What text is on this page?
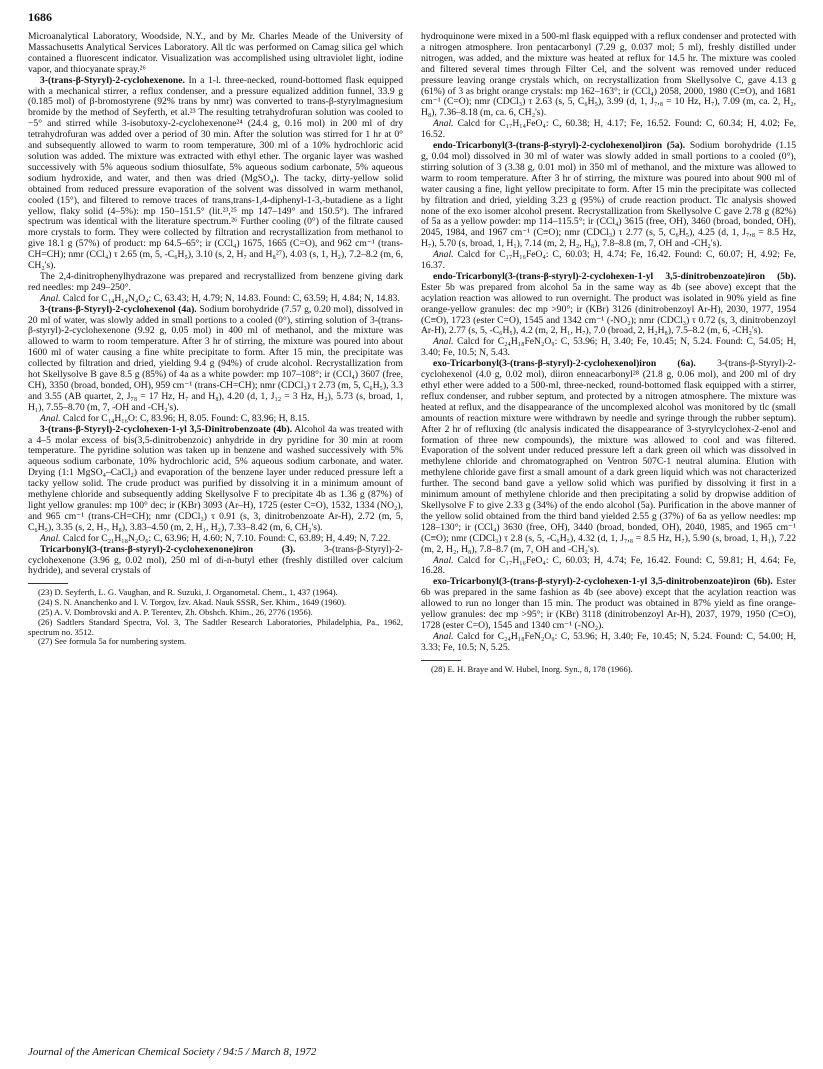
1686

Microanalytical Laboratory, Woodside, N.Y., and by Mr. Charles Meade of the University of Massachusetts Analytical Services Laboratory. All tlc was performed on Camag silica gel which contained a fluorescent indicator. Visualization was accomplished using ultraviolet light, iodine vapor, and thiocyanate spray.²⁶

3-(trans-β-Styryl)-2-cyclohexenone. In a 1-l. three-necked, round-bottomed flask equipped with a mechanical stirrer, a reflux condenser, and a pressure equalized addition funnel, 33.9 g (0.185 mol) of β-bromostyrene (92% trans by nmr) was converted to trans-β-styrylmagnesium bromide by the method of Seyferth, et al.²³ The resulting tetrahydrofuran solution was cooled to −5° and stirred while 3-isobutoxy-2-cyclohexenone²⁴ (24.4 g, 0.16 mol) in 200 ml of dry tetrahydrofuran was added over a period of 30 min. After the solution was stirred for 1 hr at 0° and subsequently allowed to warm to room temperature, 300 ml of a 10% hydrochloric acid solution was added. The mixture was extracted with ethyl ether. The organic layer was washed successively with 5% aqueous sodium thiosulfate, 5% aqueous sodium carbonate, 5% aqueous sodium hydroxide, and water, and then was dried (MgSO₄). The tacky, dirty-yellow solid obtained from reduced pressure evaporation of the solvent was dissolved in warm methanol, cooled (15°), and filtered to remove traces of trans,trans-1,4-diphenyl-1-3,-butadiene as a light yellow, flaky solid (4–5%): mp 150–151.5° (lit.²³,²⁵ mp 147–149° and 150.5°). The infrared spectrum was identical with the literature spectrum.²⁶ Further cooling (0°) of the filtrate caused more crystals to form. They were collected by filtration and recrystallization from methanol to give 18.1 g (57%) of product: mp 64.5–65°; ir (CCl₄) 1675, 1665 (C=O), and 962 cm⁻¹ (trans-CH=CH); nmr (CCl₄) τ 2.65 (m, 5, -C₆H₅), 3.10 (s, 2, H₇ and H₈²⁷), 4.03 (s, 1, H₂), 7.2–8.2 (m, 6, CH₂'s).

The 2,4-dinitrophenylhydrazone was prepared and recrystallized from benzene giving dark red needles: mp 249–250°.

Anal. Calcd for C₁₄H₁₄N₄O₄: C, 63.43; H, 4.79; N, 14.83. Found: C, 63.59; H, 4.84; N, 14.83.

3-(trans-β-Styryl)-2-cyclohexenol (4a). Sodium borohydride (7.57 g, 0.20 mol), dissolved in 20 ml of water, was slowly added in small portions to a cooled (0°), stirring solution of 3-(trans-β-styryl)-2-cyclohexenone (9.92 g, 0.05 mol) in 400 ml of methanol, and the mixture was allowed to warm to room temperature. After 3 hr of stirring, the mixture was poured into about 1600 ml of water causing a fine white precipitate to form. After 15 min, the precipitate was collected by filtration and dried, yielding 9.4 g (94%) of crude alcohol. Recrystallization from hot Skellysolve B gave 8.5 g (85%) of 4a as a white powder: mp 107–108°; ir (CCl₄) 3607 (free, CH), 3350 (broad, bonded, OH), 959 cm⁻¹ (trans-CH=CH); nmr (CDCl₃) τ 2.73 (m, 5, C₆H₅), 3.3 and 3.55 (AB quartet, 2, J₇₈ = 17 Hz, H₇ and H₈), 4.20 (d, 1, J₁₂ = 3 Hz, H₂), 5.73 (s, broad, 1, H₁), 7.55–8.70 (m, 7, -OH and -CH₂'s).

Anal. Calcd for C₁₄H₁₆O: C, 83.96; H, 8.05. Found: C, 83.96; H, 8.15.

3-(trans-β-Styryl)-2-cyclohexen-1-yl 3,5-Dinitrobenzoate (4b). Alcohol 4a was treated with a 4–5 molar excess of bis(3,5-dinitrobenzoic) anhydride in dry pyridine for 30 min at room temperature. The pyridine solution was taken up in benzene and washed successively with 5% aqueous sodium carbonate, 10% hydrochloric acid, 5% aqueous sodium carbonate, and water. Drying (1:1 MgSO₄–CaCl₂) and evaporation of the benzene layer under reduced pressure left a tacky yellow solid. The crude product was purified by dissolving it in a minimum amount of methylene chloride and subsequently adding Skellysolve F to precipitate 4b as 1.36 g (87%) of light yellow granules: mp 100° dec; ir (KBr) 3093 (Ar–H), 1725 (ester C=O), 1532, 1334 (NO₂), and 965 cm⁻¹ (trans-CH=CH); nmr (CDCl₃) τ 0.91 (s, 3, dinitrobenzoate Ar-H), 2.72 (m, 5, C₆H₅), 3.35 (s, 2, H₇, H₈), 3.83–4.50 (m, 2, H₁, H₂), 7.33–8.42 (m, 6, CH₂'s).

Anal. Calcd for C₂₁H₁₈N₂O₆: C, 63.96; H, 4.60; N, 7.10. Found: C, 63.89; H, 4.49; N, 7.22.

Tricarbonyl(3-(trans-β-styryl)-2-cyclohexenone)iron (3). 3-(trans-β-Styryl)-2-cyclohexenone (3.96 g, 0.02 mol), 250 ml of di-n-butyl ether (freshly distilled over calcium hydride), and several crystals of

(23) D. Seyferth, L. G. Vaughan, and R. Suzuki, J. Organometal. Chem., 1, 437 (1964).

(24) S. N. Ananchenko and I. V. Torgov, Izv. Akad. Nauk SSSR, Ser. Khim., 1649 (1960).

(25) A. V. Dombrovski and A. P. Terentev, Zh. Obshch. Khim., 26, 2776 (1956).

(26) Sadtlers Standard Spectra, Vol. 3, The Sadtler Research Laboratories, Philadelphia, Pa., 1962, spectrum no. 3512.

(27) See formula 5a for numbering system.

hydroquinone were mixed in a 500-ml flask equipped with a reflux condenser and protected with a nitrogen atmosphere. Iron pentacarbonyl (7.29 g, 0.037 mol; 5 ml), freshly distilled under nitrogen, was added, and the mixture was heated at reflux for 14.5 hr. The mixture was cooled and filtered several times through Filter Cel, and the solvent was removed under reduced pressure leaving orange crystals which, on recrystallization from Skellysolve C, gave 4.13 g (61%) of 3 as bright orange crystals: mp 162–163°; ir (CCl₄) 2058, 2000, 1980 (C≡O), and 1681 cm⁻¹ (C=O); nmr (CDCl₃) τ 2.63 (s, 5, C₆H₅), 3.99 (d, 1, J₇,₈ = 10 Hz, H₇), 7.09 (m, ca. 2, H₂, H₈), 7.36–8.18 (m, ca. 6, CH₂'s).

Anal. Calcd for C₁₇H₁₄FeO₄: C, 60.38; H, 4.17; Fe, 16.52. Found: C, 60.34; H, 4.02; Fe, 16.52.

endo-Tricarbonyl(3-(trans-β-styryl)-2-cyclohexenol)iron (5a). Sodium borohydride (1.15 g, 0.04 mol) dissolved in 30 ml of water was slowly added in small portions to a cooled (0°), stirring solution of 3 (3.38 g, 0.01 mol) in 350 ml of methanol, and the mixture was allowed to warm to room temperature. After 3 hr of stirring, the mixture was poured into about 900 ml of water causing a fine, light yellow precipitate to form. After 15 min the precipitate was collected by filtration and dried, yielding 3.23 g (95%) of crude reaction product. Tlc analysis showed none of the exo isomer alcohol present. Recrystallization from Skellysolve C gave 2.78 g (82%) of 5a as a yellow powder: mp 114–115.5°; ir (CCl₄) 3615 (free, OH), 3460 (broad, bonded, OH), 2045, 1984, and 1967 cm⁻¹ (C≡O); nmr (CDCl₃) τ 2.77 (s, 5, C₆H₅), 4.25 (d, 1, J₇,₈ = 8.5 Hz, H₇), 5.70 (s, broad, 1, H₁), 7.14 (m, 2, H₂, H₈), 7.8–8.8 (m, 7, OH and -CH₂'s).

Anal. Calcd for C₁₇H₁₆FeO₄: C, 60.03; H, 4.74; Fe, 16.42. Found: C, 60.07; H, 4.92; Fe, 16.37.

endo-Tricarbonyl(3-(trans-β-styryl)-2-cyclohexen-1-yl 3,5-dinitrobenzoate)iron (5b). Ester 5b was prepared from alcohol 5a in the same way as 4b (see above) except that the acylation reaction was allowed to run overnight. The product was isolated in 90% yield as fine orange-yellow granules: dec mp >90°; ir (KBr) 3126 (dinitrobenzoyl Ar-H), 2030, 1977, 1954 (C≡O), 1723 (ester C=O), 1545 and 1342 cm⁻¹ (-NO₂); nmr (CDCl₃) τ 0.72 (s, 3, dinitrobenzoyl Ar-H), 2.77 (s, 5, -C₆H₅), 4.2 (m, 2, H₁, H₇), 7.0 (broad, 2, H₂H₈), 7.5–8.2 (m, 6, -CH₂'s).

Anal. Calcd for C₂₄H₁₈FeN₂O₉: C, 53.96; H, 3.40; Fe, 10.45; N, 5.24. Found: C, 54.05; H, 3.40; Fe, 10.5; N, 5.43.

exo-Tricarbonyl(3-(trans-β-styryl)-2-cyclohexenol)iron (6a). 3-(trans-β-Styryl)-2-cyclohexenol (4.0 g, 0.02 mol), diiron enneacarbonyl²⁸ (21.8 g, 0.06 mol), and 200 ml of dry ethyl ether were added to a 500-ml, three-necked, round-bottomed flask equipped with a stirrer, reflux condenser, and rubber septum, and protected by a nitrogen atmosphere. The mixture was heated at reflux, and the disappearance of the uncomplexed alcohol was monitored by tlc (small amounts of reaction mixture were withdrawn by needle and syringe through the rubber septum). After 2 hr of refluxing (tlc analysis indicated the disappearance of 3-styrylcyclohex-2-enol and formation of three new compounds), the mixture was allowed to cool and was filtered. Evaporation of the solvent under reduced pressure left a dark green oil which was dissolved in methylene chloride and chromatographed on Ventron 507C-1 neutral alumina. Elution with methylene chloride gave first a small amount of a dark green liquid which was not characterized further. The second band gave a yellow solid which was purified by dissolving it first in a minimum amount of methylene chloride and then precipitating a solid by dropwise addition of Skellysolve F to give 2.33 g (34%) of the endo alcohol (5a). Purification in the above manner of the yellow solid obtained from the third band yielded 2.55 g (37%) of 6a as yellow needles: mp 128–130°; ir (CCl₄) 3630 (free, OH), 3440 (broad, bonded, OH), 2040, 1985, and 1965 cm⁻¹ (C≡O); nmr (CDCl₃) τ 2.8 (s, 5, -C₆H₅), 4.32 (d, 1, J₇,₈ = 8.5 Hz, H₇), 5.90 (s, broad, 1, H₁), 7.22 (m, 2, H₂, H₈), 7.8–8.7 (m, 7, OH and -CH₂'s).

Anal. Calcd for C₁₇H₁₆FeO₄: C, 60.03; H, 4.74; Fe, 16.42. Found: C, 59.81; H, 4.64; Fe, 16.28.

exo-Tricarbonyl(3-(trans-β-styryl)-2-cyclohexen-1-yl 3,5-dinitrobenzoate)iron (6b). Ester 6b was prepared in the same fashion as 4b (see above) except that the acylation reaction was allowed to run no longer than 15 min. The product was obtained in 87% yield as fine orange-yellow granules: dec mp >95°; ir (KBr) 3118 (dinitrobenzoyl Ar-H), 2037, 1979, 1950 (C≡O), 1728 (ester C=O), 1545 and 1340 cm⁻¹ (-NO₂).

Anal. Calcd for C₂₄H₁₈FeN₂O₉: C, 53.96; H, 3.40; Fe, 10.45; N, 5.24. Found: C, 54.00; H, 3.33; Fe, 10.5; N, 5.25.

(28) E. H. Braye and W. Hubel, Inorg. Syn., 8, 178 (1966).

Journal of the American Chemical Society / 94:5 / March 8, 1972
